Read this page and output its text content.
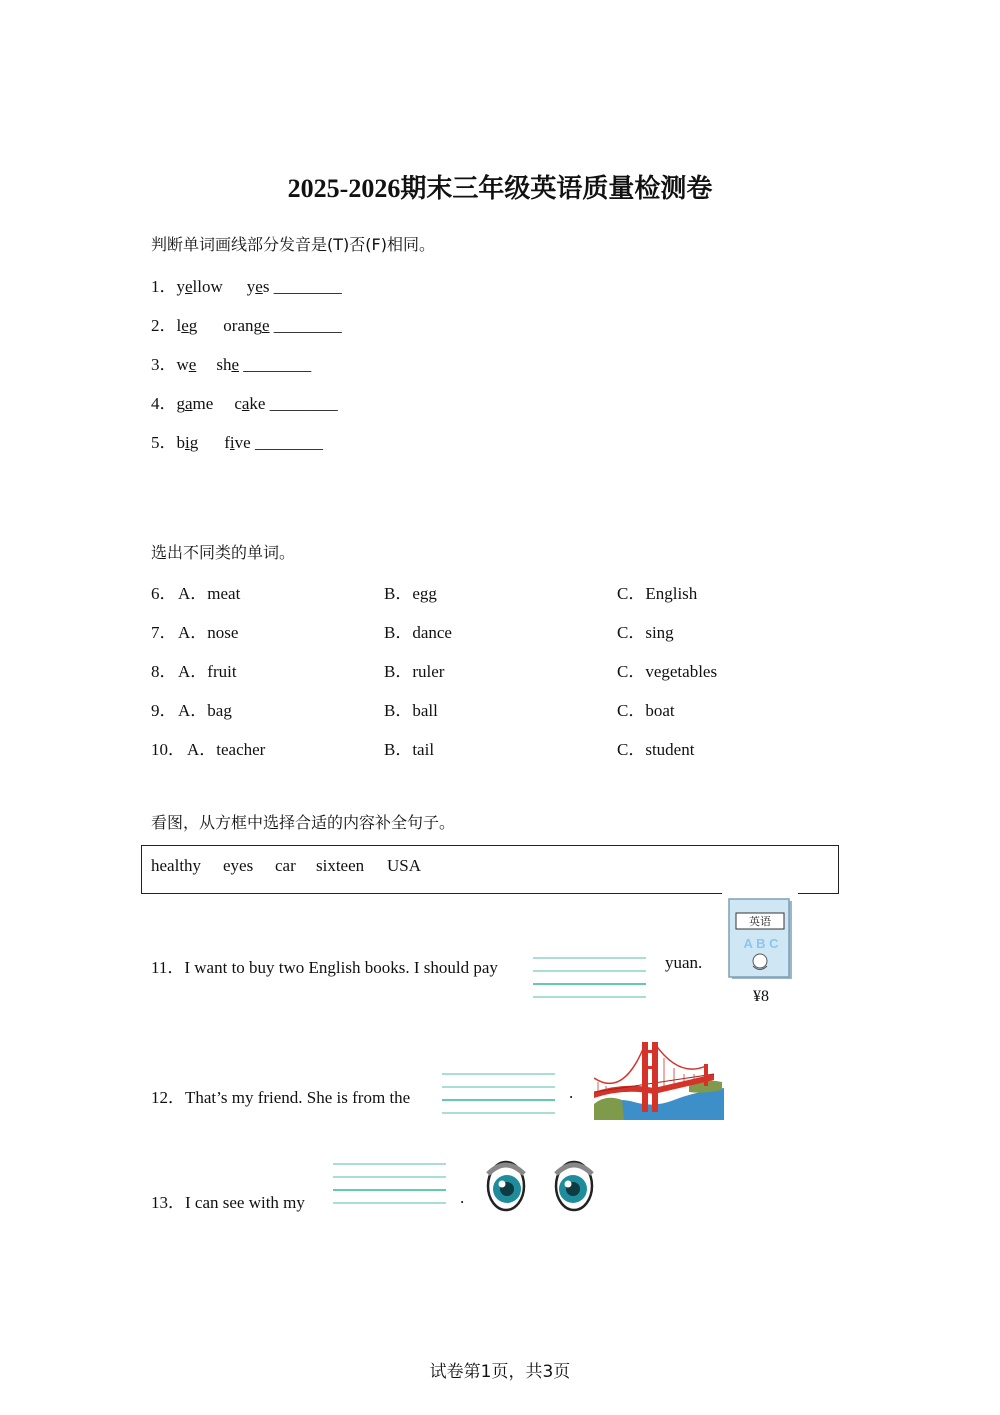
2025-2026期末三年级英语质量检测卷
判断单词画线部分发音是(T)否(F)相同。
1．yellow yes ________
2．leg orange ________
3．we she ________
4．game cake ________
5．big five ________
选出不同类的单词。
6． A．meat	B．egg	C．English
7． A．nose	B．dance	C．sing
8． A．fruit	B．ruler	C．vegetables
9． A．bag	B．ball	C．boat
10． A．teacher	B．tail	C．student
看图，从方框中选择合适的内容补全句子。
healthy eyes car sixteen USA
11．I want to buy two English books. I should pay	yuan.
英语
A B C
¥8
12．That’s my friend. She is from the	.
13．I can see with my	.
试卷第1页，共3页
